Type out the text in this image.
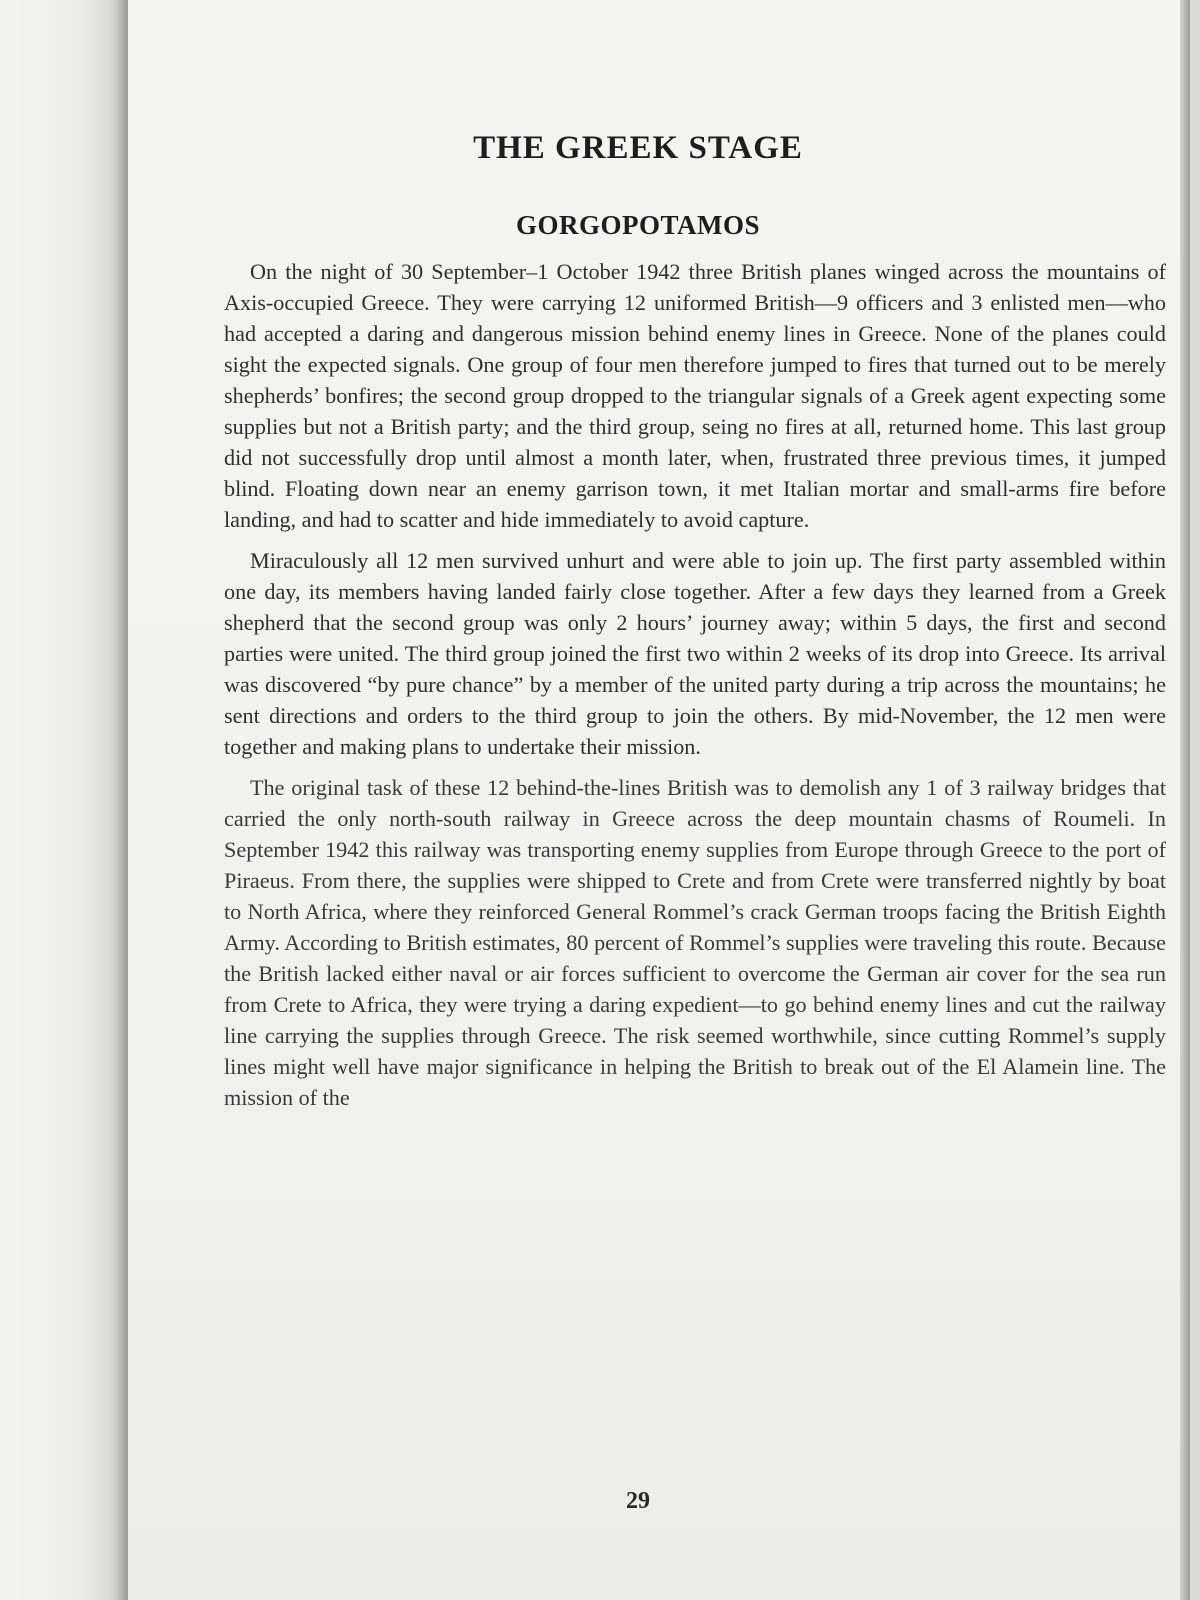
THE GREEK STAGE
GORGOPOTAMOS

On the night of 30 September–1 October 1942 three British planes winged across the mountains of Axis-occupied Greece. They were carrying 12 uniformed British—9 officers and 3 enlisted men—who had accepted a daring and dangerous mission behind enemy lines in Greece. None of the planes could sight the expected signals. One group of four men therefore jumped to fires that turned out to be merely shepherds’ bonfires; the second group dropped to the triangular signals of a Greek agent expecting some supplies but not a British party; and the third group, seing no fires at all, returned home. This last group did not successfully drop until almost a month later, when, frustrated three previous times, it jumped blind. Floating down near an enemy garrison town, it met Italian mortar and small-arms fire before landing, and had to scatter and hide immediately to avoid capture.

Miraculously all 12 men survived unhurt and were able to join up. The first party assembled within one day, its members having landed fairly close together. After a few days they learned from a Greek shepherd that the second group was only 2 hours’ journey away; within 5 days, the first and second parties were united. The third group joined the first two within 2 weeks of its drop into Greece. Its arrival was discovered “by pure chance” by a member of the united party during a trip across the mountains; he sent directions and orders to the third group to join the others. By mid-November, the 12 men were together and making plans to undertake their mission.

The original task of these 12 behind-the-lines British was to demolish any 1 of 3 railway bridges that carried the only north-south railway in Greece across the deep mountain chasms of Roumeli. In September 1942 this railway was transporting enemy supplies from Europe through Greece to the port of Piraeus. From there, the supplies were shipped to Crete and from Crete were transferred nightly by boat to North Africa, where they reinforced General Rommel’s crack German troops facing the British Eighth Army. According to British estimates, 80 percent of Rommel’s supplies were traveling this route. Because the British lacked either naval or air forces sufficient to overcome the German air cover for the sea run from Crete to Africa, they were trying a daring expedient—to go behind enemy lines and cut the railway line carrying the supplies through Greece. The risk seemed worthwhile, since cutting Rommel’s supply lines might well have major significance in helping the British to break out of the El Alamein line. The mission of the

29
